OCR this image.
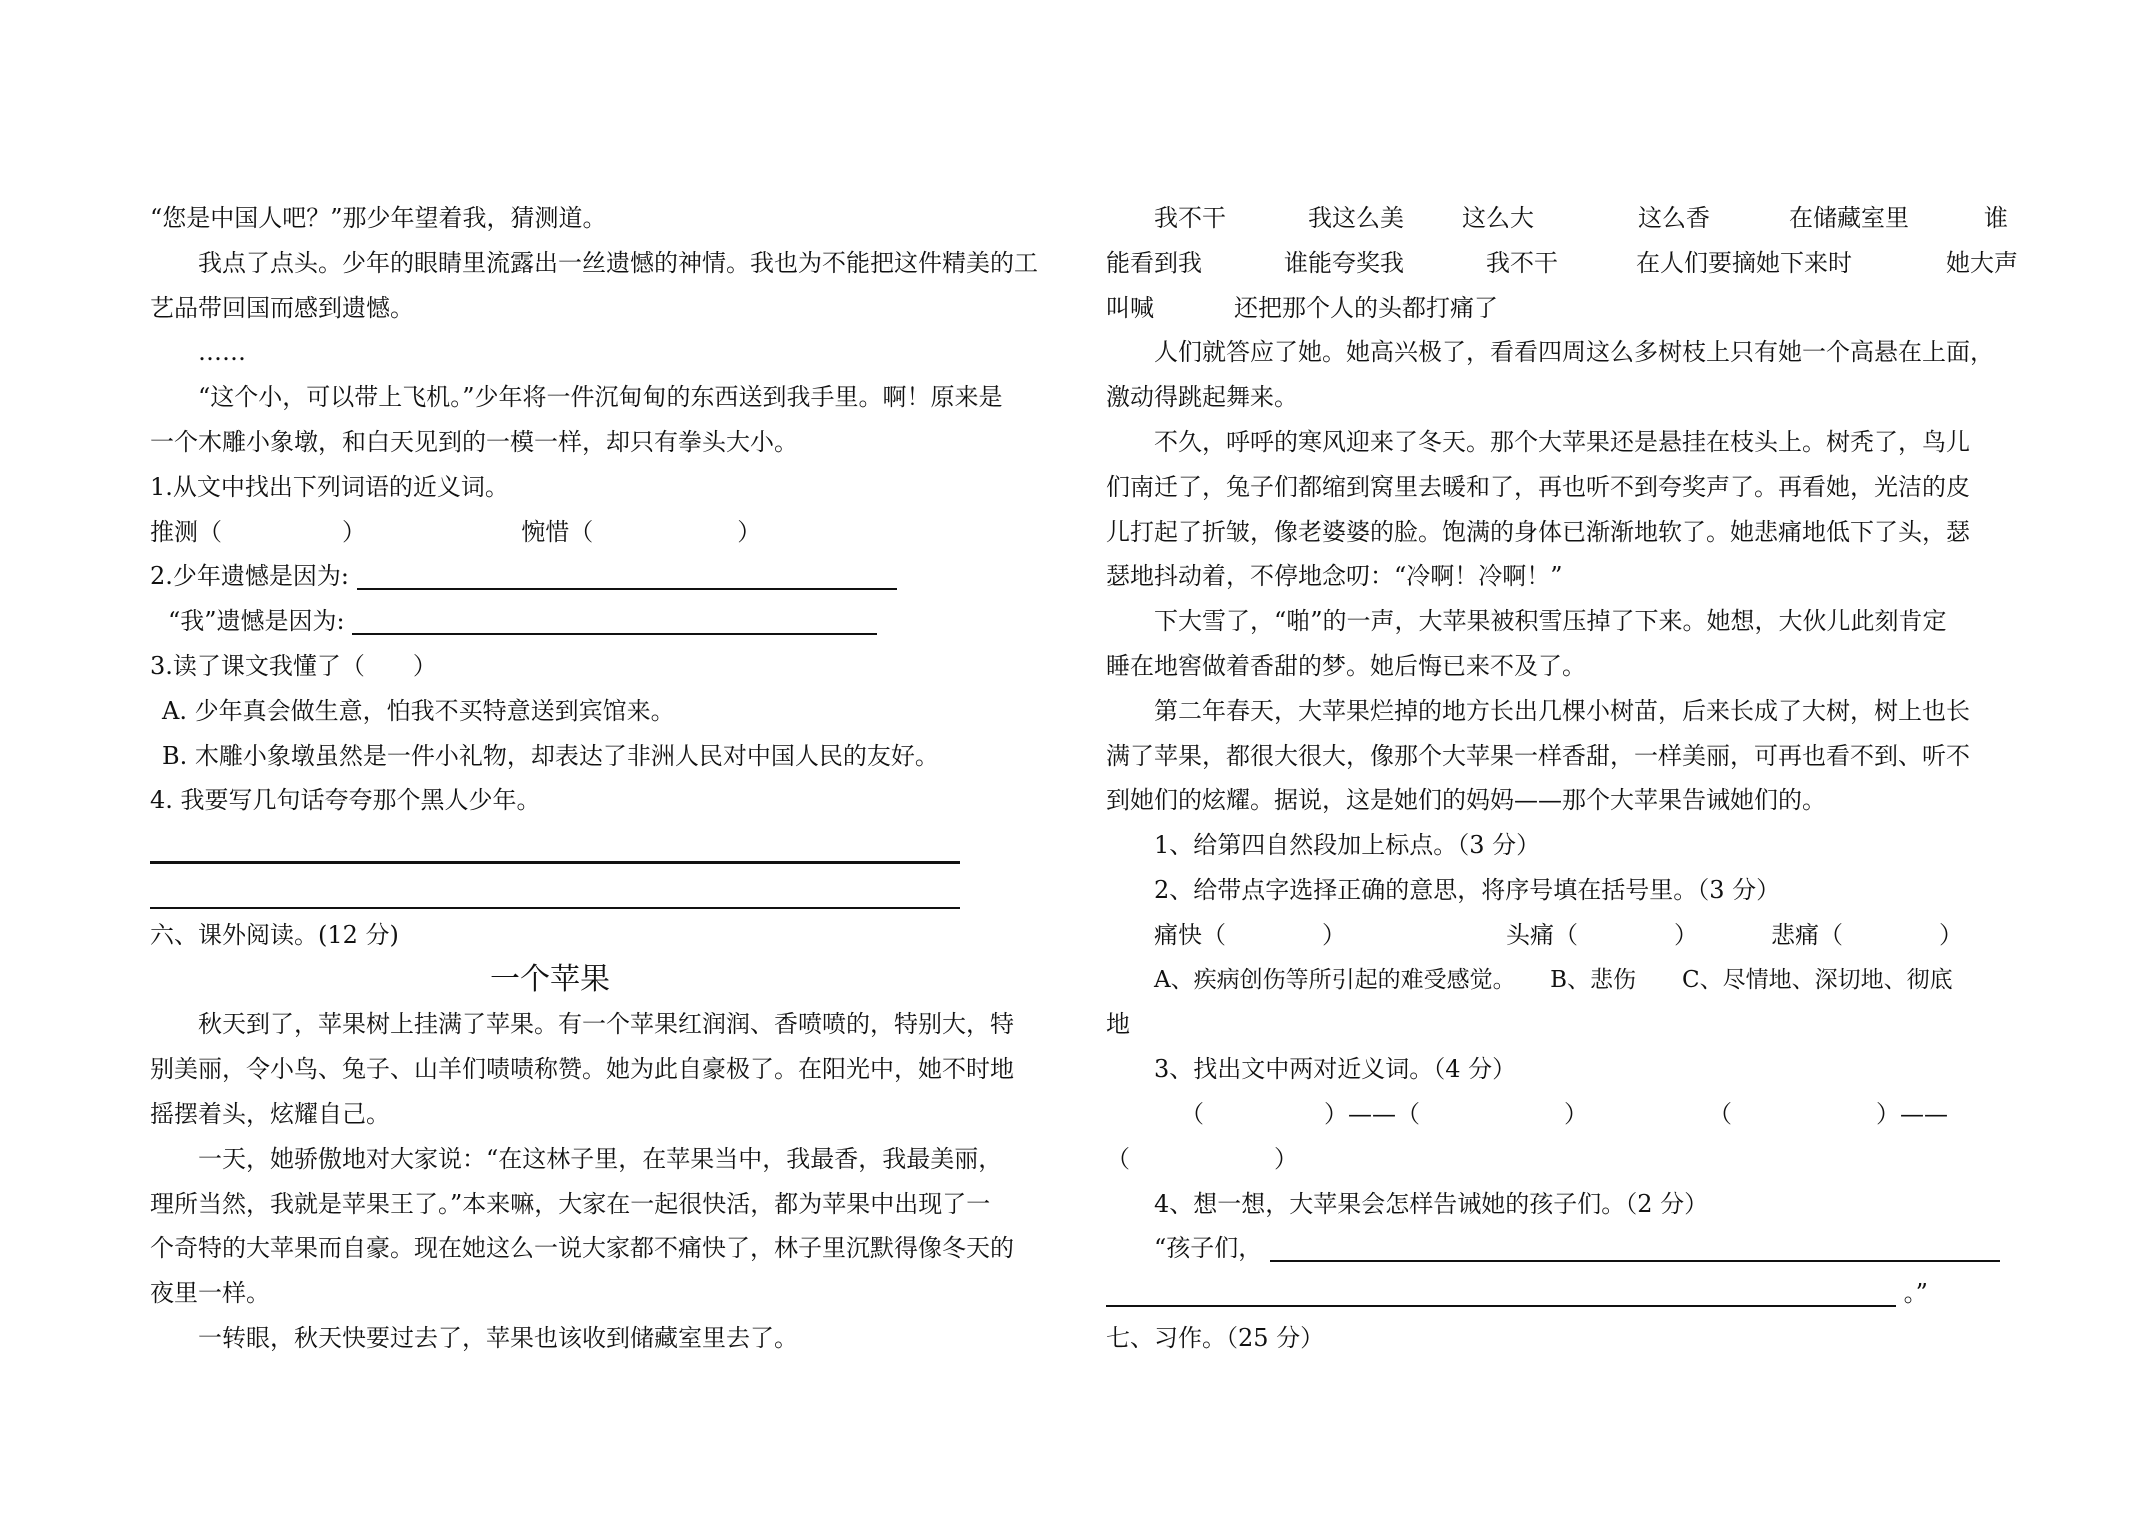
“您是中国人吧？”那少年望着我，猜测道。
我点了点头。少年的眼睛里流露出一丝遗憾的神情。我也为不能把这件精美的工
艺品带回国而感到遗憾。
……
“这个小，可以带上飞机。”少年将一件沉甸甸的东西送到我手里。啊！原来是
一个木雕小象墩，和白天见到的一模一样，却只有拳头大小。
1.从文中找出下列词语的近义词。
推测（　　　　　）	惋惜（　　　　　　）
2.少年遗憾是因为:
“我”遗憾是因为:
3.读了课文我懂了（　　）
A. 少年真会做生意，怕我不买特意送到宾馆来。
B. 木雕小象墩虽然是一件小礼物，却表达了非洲人民对中国人民的友好。
4. 我要写几句话夸夸那个黑人少年。
六、课外阅读。(12 分)
一个苹果
秋天到了，苹果树上挂满了苹果。有一个苹果红润润、香喷喷的，特别大，特
别美丽，令小鸟、兔子、山羊们啧啧称赞。她为此自豪极了。在阳光中，她不时地
摇摆着头，炫耀自己。
一天，她骄傲地对大家说：“在这林子里，在苹果当中，我最香，我最美丽，
理所当然，我就是苹果王了。”本来嘛，大家在一起很快活，都为苹果中出现了一
个奇特的大苹果而自豪。现在她这么一说大家都不痛快了，林子里沉默得像冬天的
夜里一样。
一转眼，秋天快要过去了，苹果也该收到储藏室里去了。
我不干	我这么美 这么大	这么香	在储藏室里	谁
能看到我	谁能夸奖我	我不干	在人们要摘她下来时	她大声
叫喊	还把那个人的头都打痛了
人们就答应了她。她高兴极了，看看四周这么多树枝上只有她一个高悬在上面，
激动得跳起舞来。
不久，呼呼的寒风迎来了冬天。那个大苹果还是悬挂在枝头上。树秃了，鸟儿
们南迁了，兔子们都缩到窝里去暖和了，再也听不到夸奖声了。再看她，光洁的皮
儿打起了折皱，像老婆婆的脸。饱满的身体已渐渐地软了。她悲痛地低下了头，瑟
瑟地抖动着，不停地念叨：“冷啊！冷啊！”
下大雪了，“啪”的一声，大苹果被积雪压掉了下来。她想，大伙儿此刻肯定
睡在地窖做着香甜的梦。她后悔已来不及了。
第二年春天，大苹果烂掉的地方长出几棵小树苗，后来长成了大树，树上也长
满了苹果，都很大很大，像那个大苹果一样香甜，一样美丽，可再也看不到、听不
到她们的炫耀。据说，这是她们的妈妈——那个大苹果告诫她们的。
1、给第四自然段加上标点。（3 分）
2、给带点字选择正确的意思，将序号填在括号里。（3 分）
痛快（　　　　）	头痛（　　　　）	悲痛（　　　　）
A、疾病创伤等所引起的难受感觉。　　B、悲伤　　C、尽情地、深切地、彻底
地
3、找出文中两对近义词。（4 分）
（　　　　　）——（　　　　　　）　　　　　　（　　　　　　）——
（　　　　　　）
4、想一想，大苹果会怎样告诫她的孩子们。（2 分）
“孩子们，
。”
七、习作。（25 分）
